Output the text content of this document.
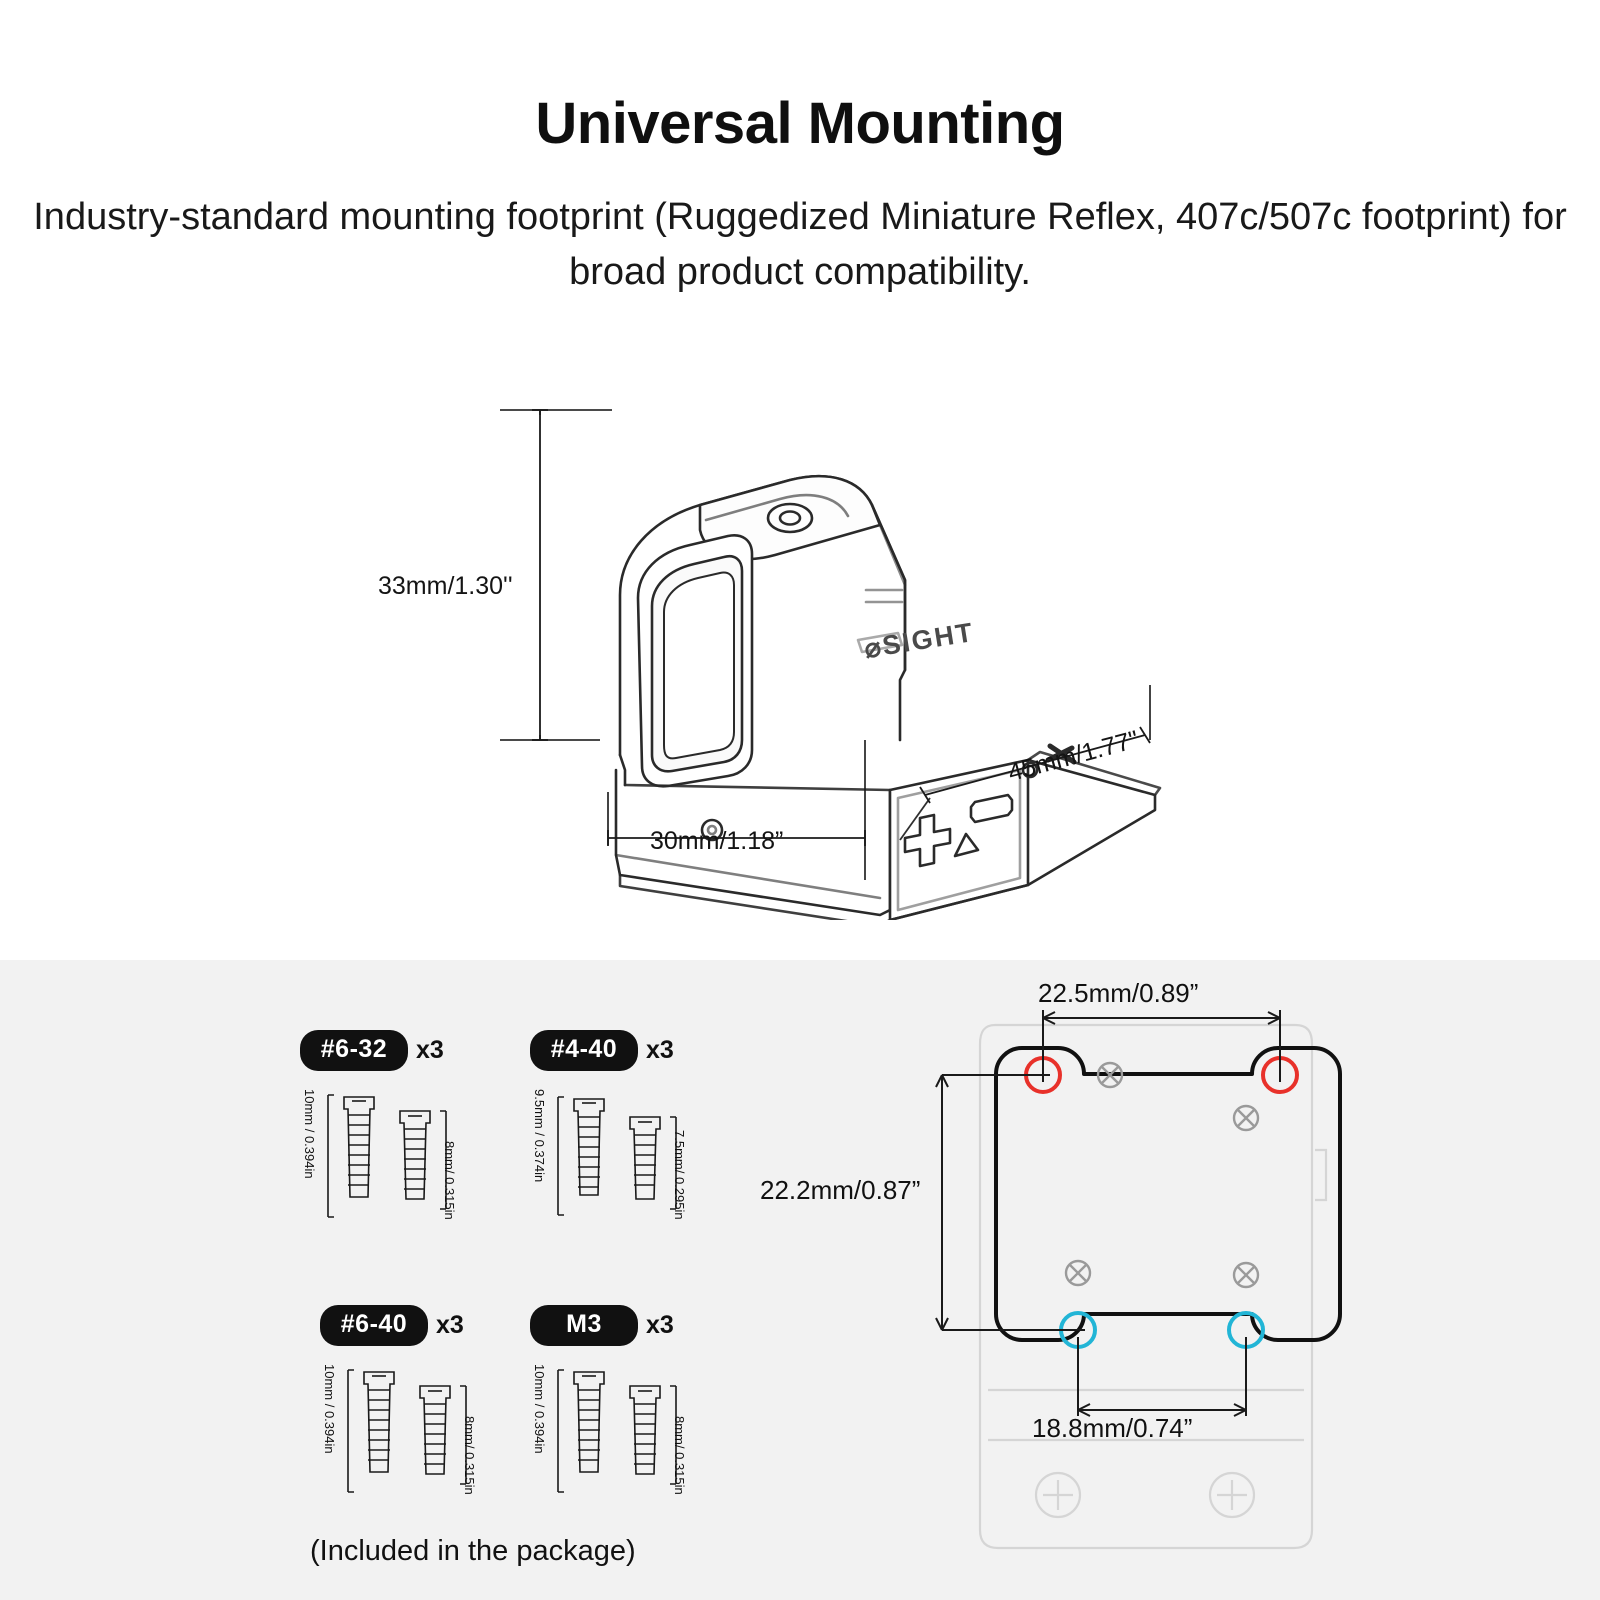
Universal Mounting
Industry-standard mounting footprint (Ruggedized Miniature Reflex, 407c/507c footprint) for broad product compatibility.
⌀SIGHT
33mm/1.30''
30mm/1.18”
45mm/1.77"
#6-32	x3
10mm / 0.394in
8mm/ 0.315in
#4-40	x3
9.5mm / 0.374in	7.5mm/ 0.295in
#6-40	x3
10mm / 0.394in
8mm/ 0.315in
M3	x3
10mm / 0.394in
8mm/ 0.315in
(Included in the package)
22.5mm/0.89”
22.2mm/0.87”
18.8mm/0.74”
